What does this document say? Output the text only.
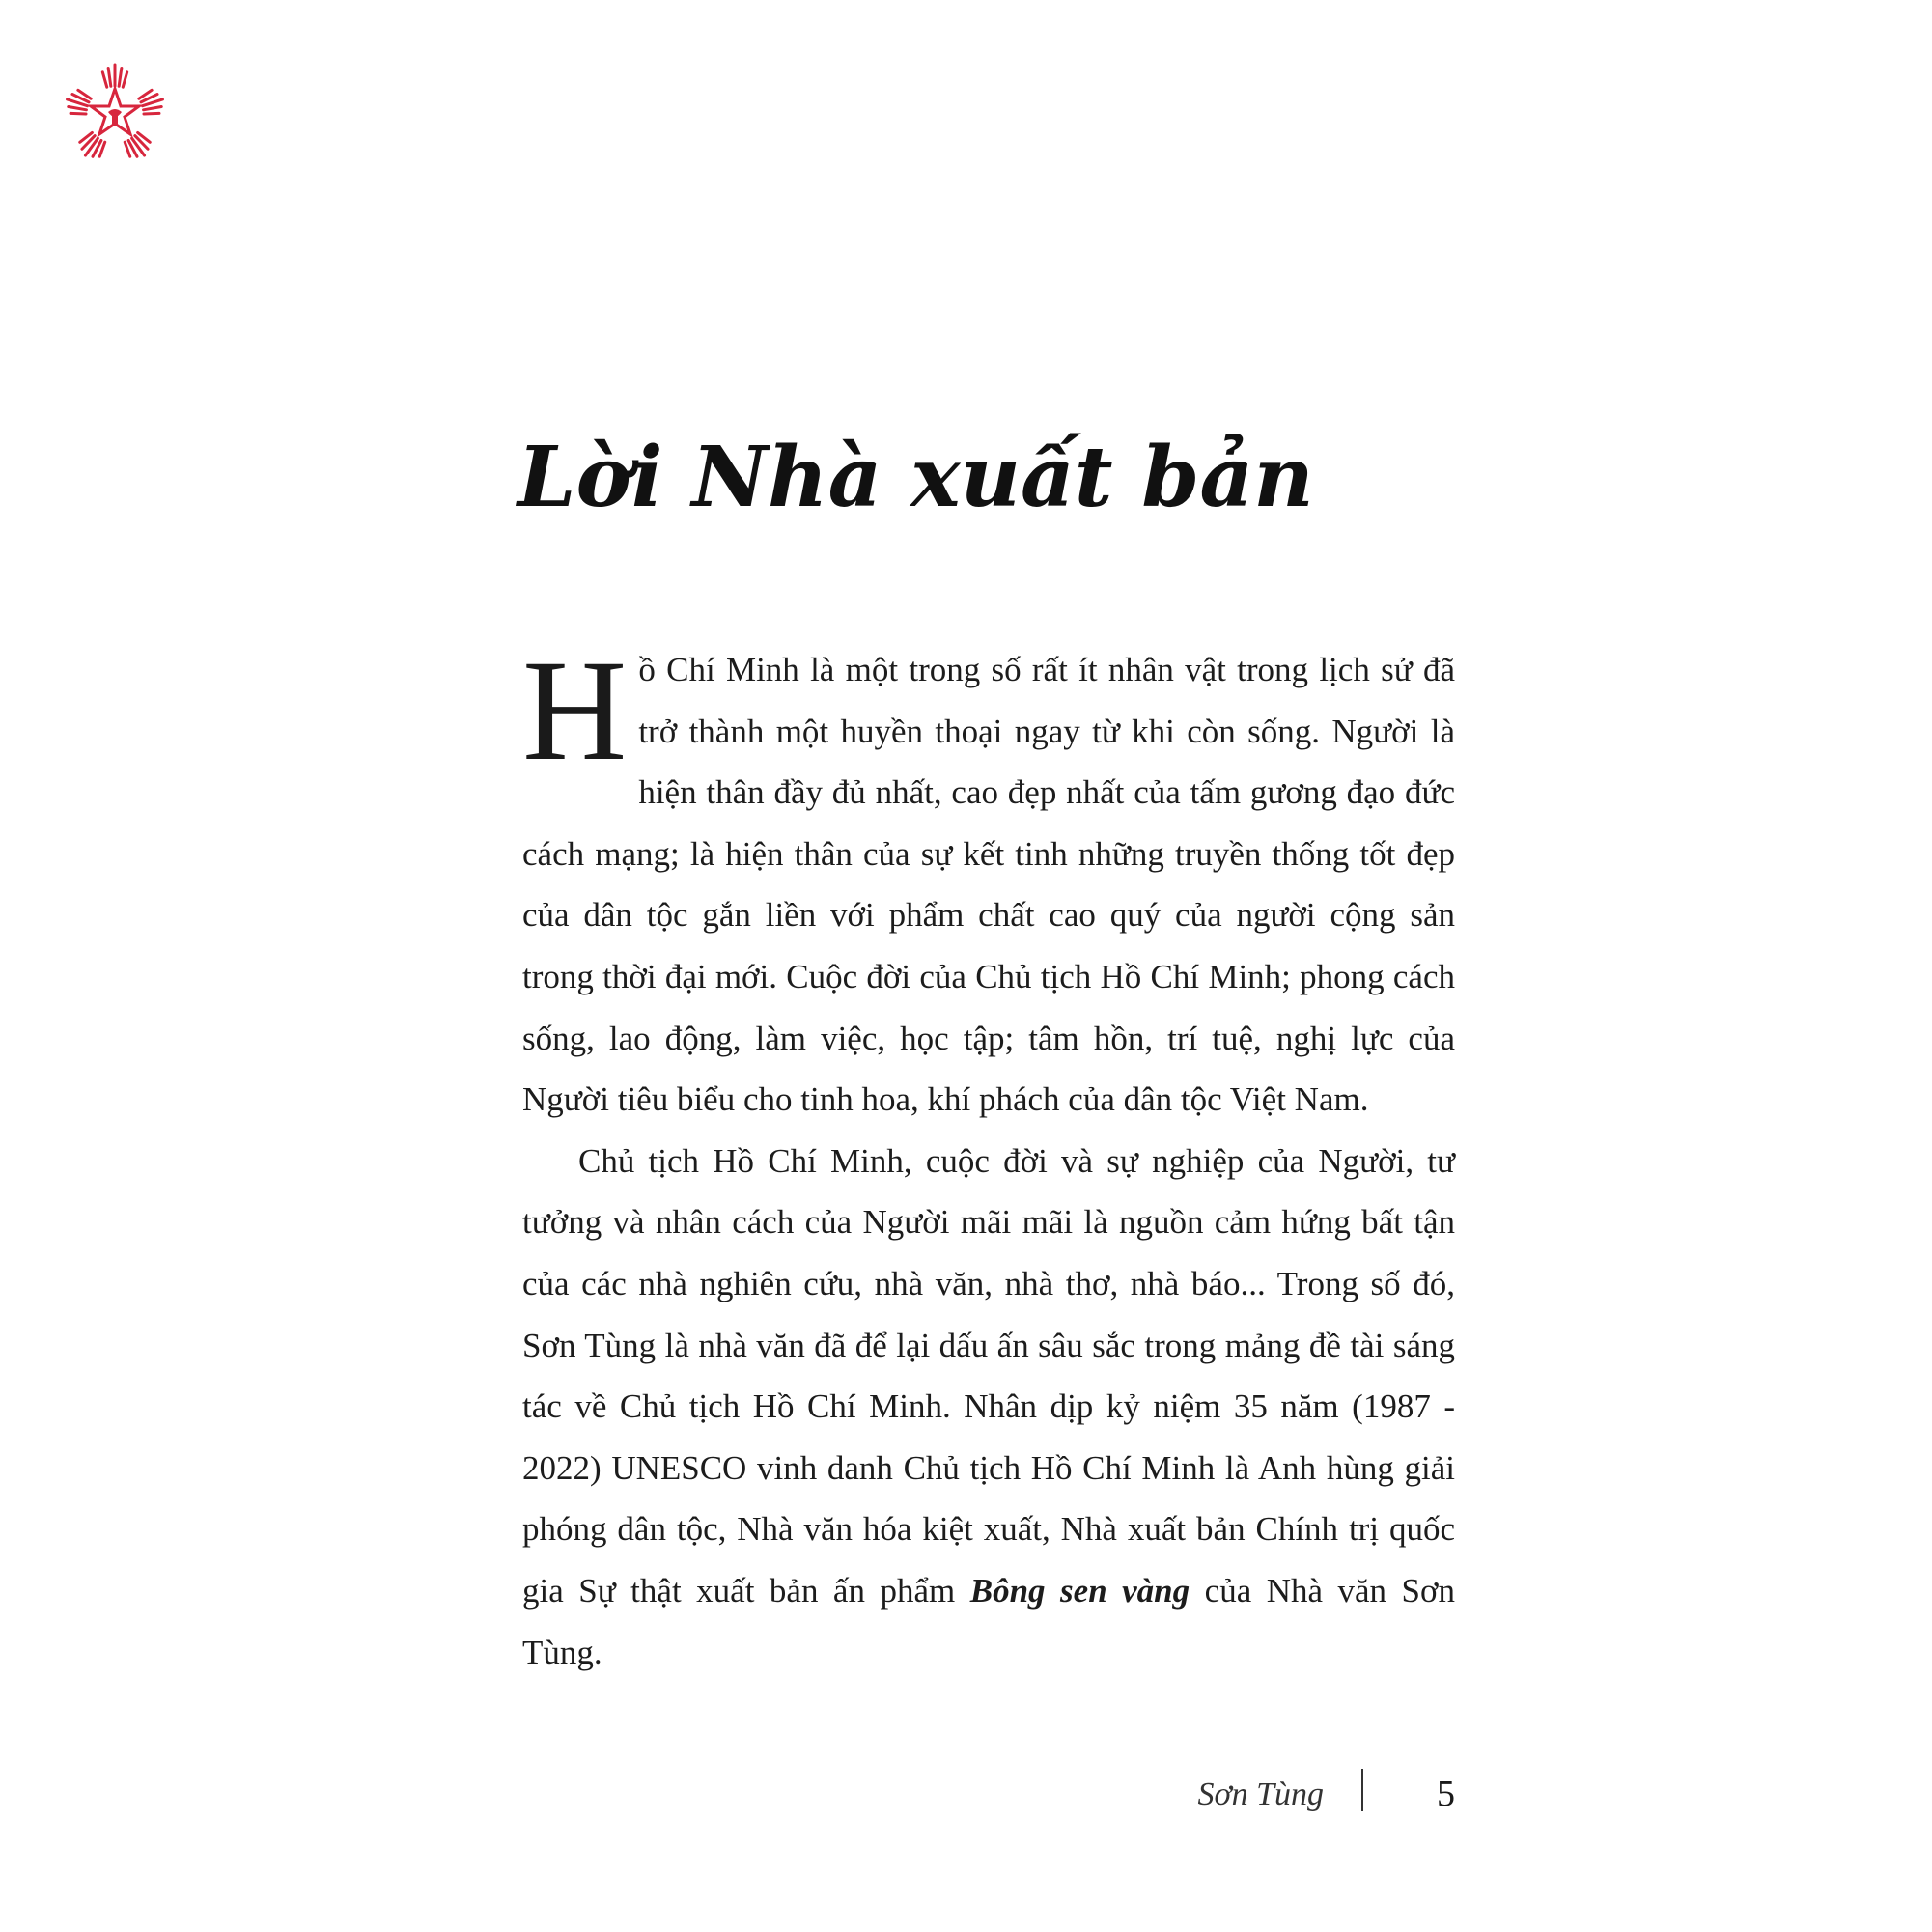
Lời Nhà xuất bản

Hồ Chí Minh là một trong số rất ít nhân vật trong lịch sử đã trở thành một huyền thoại ngay từ khi còn sống. Người là hiện thân đầy đủ nhất, cao đẹp nhất của tấm gương đạo đức cách mạng; là hiện thân của sự kết tinh những truyền thống tốt đẹp của dân tộc gắn liền với phẩm chất cao quý của người cộng sản trong thời đại mới. Cuộc đời của Chủ tịch Hồ Chí Minh; phong cách sống, lao động, làm việc, học tập; tâm hồn, trí tuệ, nghị lực của Người tiêu biểu cho tinh hoa, khí phách của dân tộc Việt Nam.

Chủ tịch Hồ Chí Minh, cuộc đời và sự nghiệp của Người, tư tưởng và nhân cách của Người mãi mãi là nguồn cảm hứng bất tận của các nhà nghiên cứu, nhà văn, nhà thơ, nhà báo... Trong số đó, Sơn Tùng là nhà văn đã để lại dấu ấn sâu sắc trong mảng đề tài sáng tác về Chủ tịch Hồ Chí Minh. Nhân dịp kỷ niệm 35 năm (1987 - 2022) UNESCO vinh danh Chủ tịch Hồ Chí Minh là Anh hùng giải phóng dân tộc, Nhà văn hóa kiệt xuất, Nhà xuất bản Chính trị quốc gia Sự thật xuất bản ấn phẩm Bông sen vàng của Nhà văn Sơn Tùng.

Sơn Tùng	5
